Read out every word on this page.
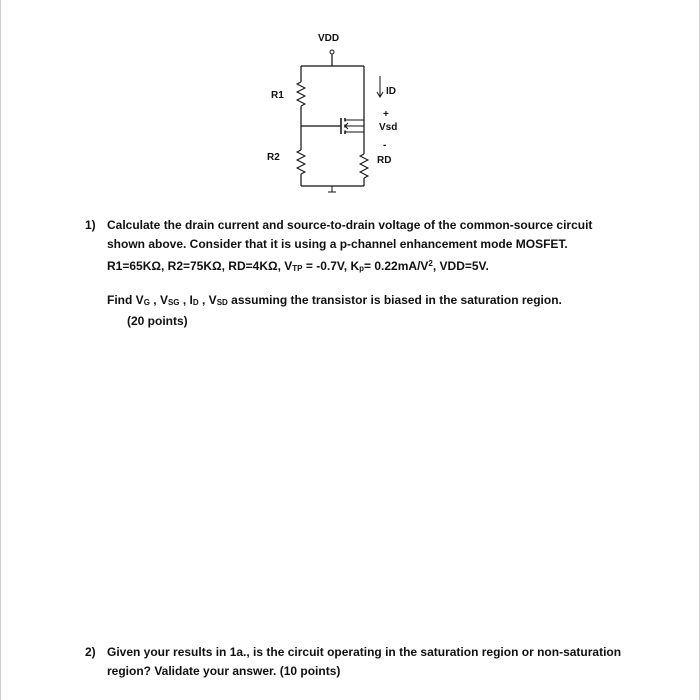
VDD
R1	ID
+
Vsd
-
RD
R2
1) Calculate the drain current and source-to-drain voltage of the common-source circuit
shown above. Consider that it is using a p-channel enhancement mode MOSFET.
R1=65KΩ, R2=75KΩ, RD=4KΩ, $V_{TP} = -0.7V$, $K_p= 0.22mA/V^2$, VDD=5V.
Find $V_G$ , $V_{SG}$ , $I_D$ , $V_{SD}$ assuming the transistor is biased in the saturation region.
(20 points)
2) Given your results in 1a., is the circuit operating in the saturation region or non-saturation
region? Validate your answer. (10 points)
